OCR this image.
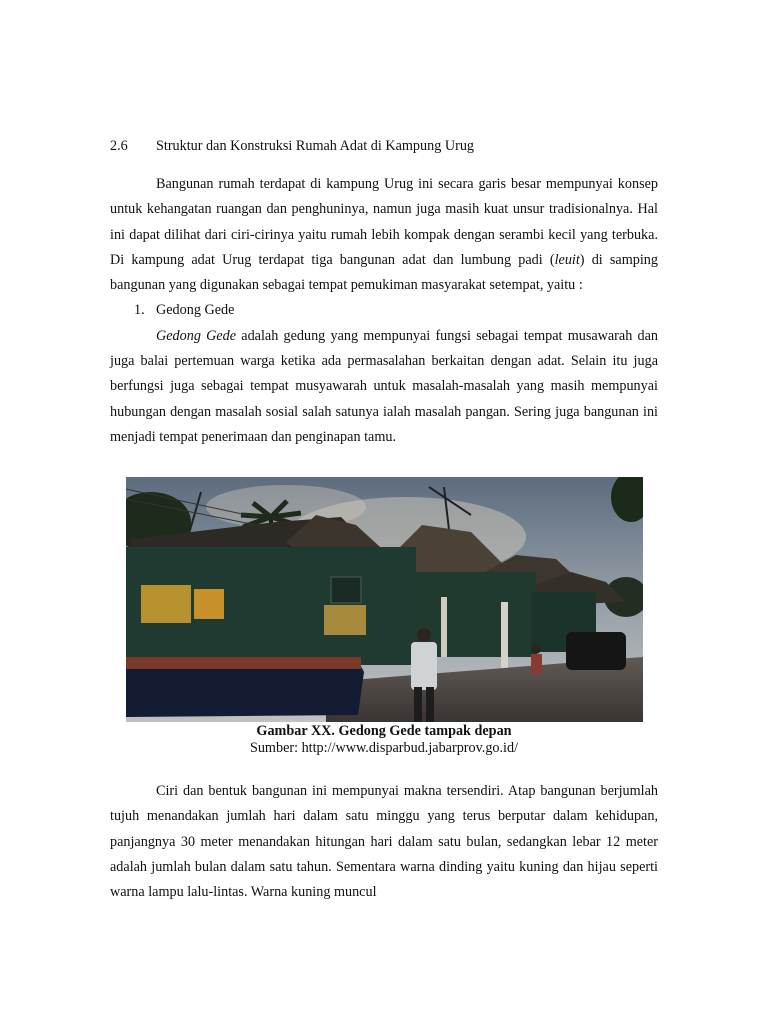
2.6 Struktur dan Konstruksi Rumah Adat di Kampung Urug
Bangunan rumah terdapat di kampung Urug ini secara garis besar mempunyai konsep untuk kehangatan ruangan dan penghuninya, namun juga masih kuat unsur tradisionalnya. Hal ini dapat dilihat dari ciri-cirinya yaitu rumah lebih kompak dengan serambi kecil yang terbuka. Di kampung adat Urug terdapat tiga bangunan adat dan lumbung padi (leuit) di samping bangunan yang digunakan sebagai tempat pemukiman masyarakat setempat, yaitu :
1. Gedong Gede
Gedong Gede adalah gedung yang mempunyai fungsi sebagai tempat musawarah dan juga balai pertemuan warga ketika ada permasalahan berkaitan dengan adat. Selain itu juga berfungsi juga sebagai tempat musyawarah untuk masalah-masalah yang masih mempunyai hubungan dengan masalah sosial salah satunya ialah masalah pangan. Sering juga bangunan ini menjadi tempat penerimaan dan penginapan tamu.
Gambar XX. Gedong Gede tampak depan
Sumber: http://www.disparbud.jabarprov.go.id/
Ciri dan bentuk bangunan ini mempunyai makna tersendiri. Atap bangunan berjumlah tujuh menandakan jumlah hari dalam satu minggu yang terus berputar dalam kehidupan, panjangnya 30 meter menandakan hitungan hari dalam satu bulan, sedangkan lebar 12 meter adalah jumlah bulan dalam satu tahun. Sementara warna dinding yaitu kuning dan hijau seperti warna lampu lalu-lintas. Warna kuning muncul
